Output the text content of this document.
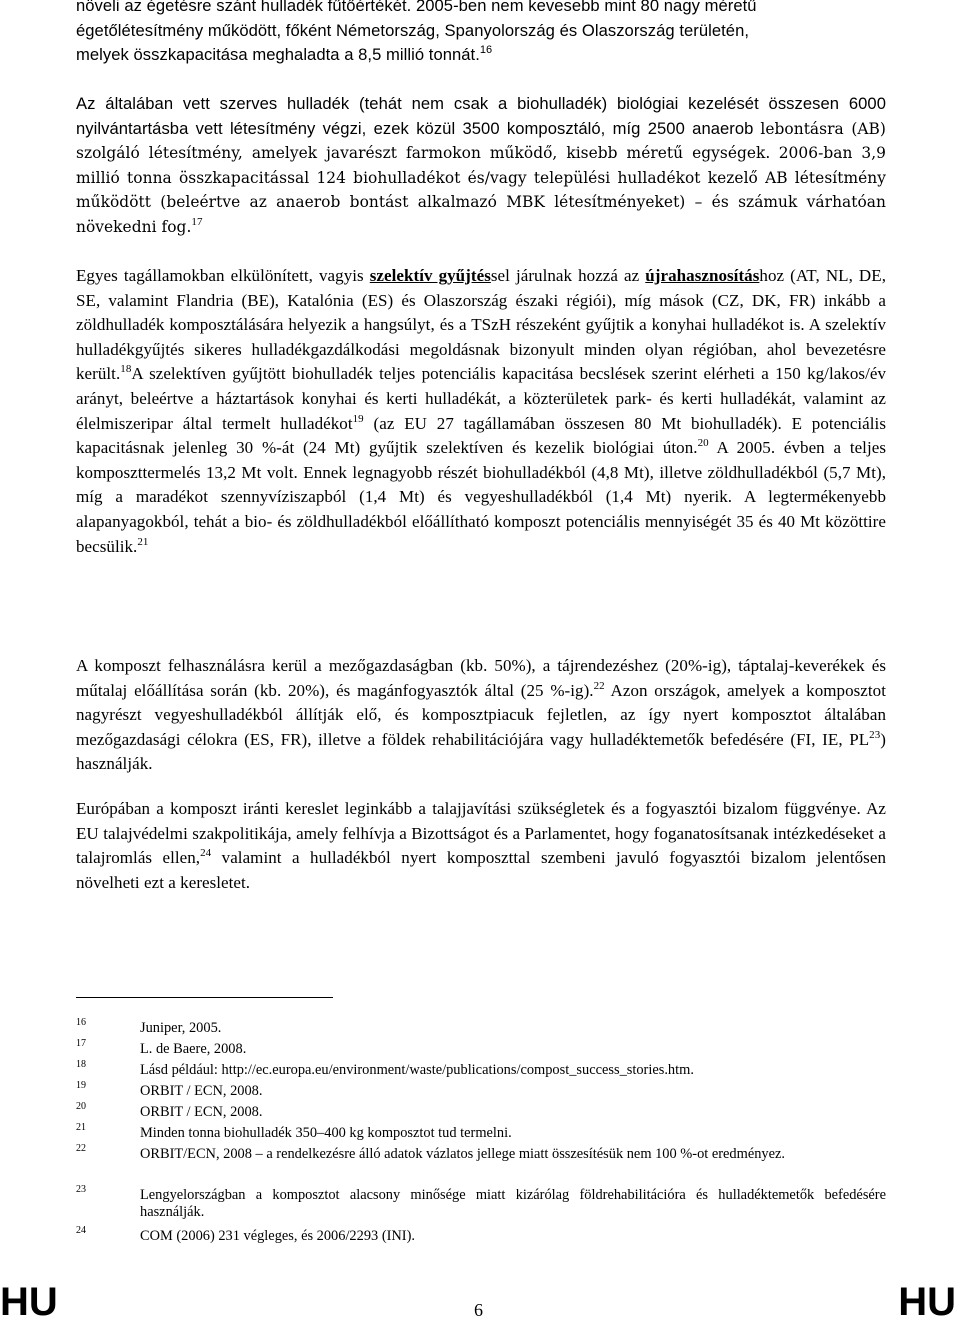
növeli az égetésre szánt hulladék fűtőértékét. 2005-ben nem kevesebb mint 80 nagy méretű
égetőlétesítmény működött, főként Németország, Spanyolország és Olaszország területén,
melyek összkapacitása meghaladta a 8,5 millió tonnát.$^{16}$

Az általában vett szerves hulladék (tehát nem csak a biohulladék) biológiai kezelését összesen 6000 nyilvántartásba vett létesítmény végzi, ezek közül 3500 komposztáló, míg 2500 anaerob lebontásra (AB) szolgáló létesítmény, amelyek javarészt farmokon működő, kisebb méretű egységek. 2006-ban 3,9 millió tonna összkapacitással 124 biohulladékot és/vagy települési hulladékot kezelő AB létesítmény működött (beleértve az anaerob bontást alkalmazó MBK létesítményeket) – és számuk várhatóan növekedni fog.$^{17}$

Egyes tagállamokban elkülönített, vagyis szelektív gyűjtéssel járulnak hozzá az újrahasznosításhoz (AT, NL, DE, SE, valamint Flandria (BE), Katalónia (ES) és Olaszország északi régiói), míg mások (CZ, DK, FR) inkább a zöldhulladék komposztálására helyezik a hangsúlyt, és a TSzH részeként gyűjtik a konyhai hulladékot is. A szelektív hulladékgyűjtés sikeres hulladékgazdálkodási megoldásnak bizonyult minden olyan régióban, ahol bevezetésre került.$^{18}$A szelektíven gyűjtött biohulladék teljes potenciális kapacitása becslések szerint elérheti a 150 kg/lakos/év arányt, beleértve a háztartások konyhai és kerti hulladékát, a közterületek park- és kerti hulladékát, valamint az élelmiszeripar által termelt hulladékot$^{19}$ (az EU 27 tagállamában összesen 80 Mt biohulladék). E potenciális kapacitásnak jelenleg 30 %-át (24 Mt) gyűjtik szelektíven és kezelik biológiai úton.$^{20}$ A 2005. évben a teljes komposzttermelés 13,2 Mt volt. Ennek legnagyobb részét biohulladékból (4,8 Mt), illetve zöldhulladékból (5,7 Mt), míg a maradékot szennyvíziszapból (1,4 Mt) és vegyeshulladékból (1,4 Mt) nyerik. A legtermékenyebb alapanyagokból, tehát a bio- és zöldhulladékból előállítható komposzt potenciális mennyiségét 35 és 40 Mt közöttire becsülik.$^{21}$

A komposzt felhasználásra kerül a mezőgazdaságban (kb. 50%), a tájrendezéshez (20%-ig), táptalaj-keverékek és műtalaj előállítása során (kb. 20%), és magánfogyasztók által (25 %-ig).$^{22}$ Azon országok, amelyek a komposztot nagyrészt vegyeshulladékból állítják elő, és komposztpiacuk fejletlen, az így nyert komposztot általában mezőgazdasági célokra (ES, FR), illetve a földek rehabilitációjára vagy hulladéktemetők befedésére (FI, IE, PL$^{23}$) használják.

Európában a komposzt iránti kereslet leginkább a talajjavítási szükségletek és a fogyasztói bizalom függvénye. Az EU talajvédelmi szakpolitikája, amely felhívja a Bizottságot és a Parlamentet, hogy foganatosítsanak intézkedéseket a talajromlás ellen,$^{24}$ valamint a hulladékból nyert komposzttal szembeni javuló fogyasztói bizalom jelentősen növelheti ezt a keresletet.

16	Juniper, 2005.
17	L. de Baere, 2008.
18	Lásd például: http://ec.europa.eu/environment/waste/publications/compost_success_stories.htm.
19	ORBIT / ECN, 2008.
20	ORBIT / ECN, 2008.
21	Minden tonna biohulladék 350–400 kg komposztot tud termelni.
22	ORBIT/ECN, 2008 – a rendelkezésre álló adatok vázlatos jellege miatt összesítésük nem 100 %-ot eredményez.
23	Lengyelországban a komposztot alacsony minősége miatt kizárólag földrehabilitációra és hulladéktemetők befedésére használják.
24	COM (2006) 231 végleges, és 2006/2293 (INI).
HU	6	HU
